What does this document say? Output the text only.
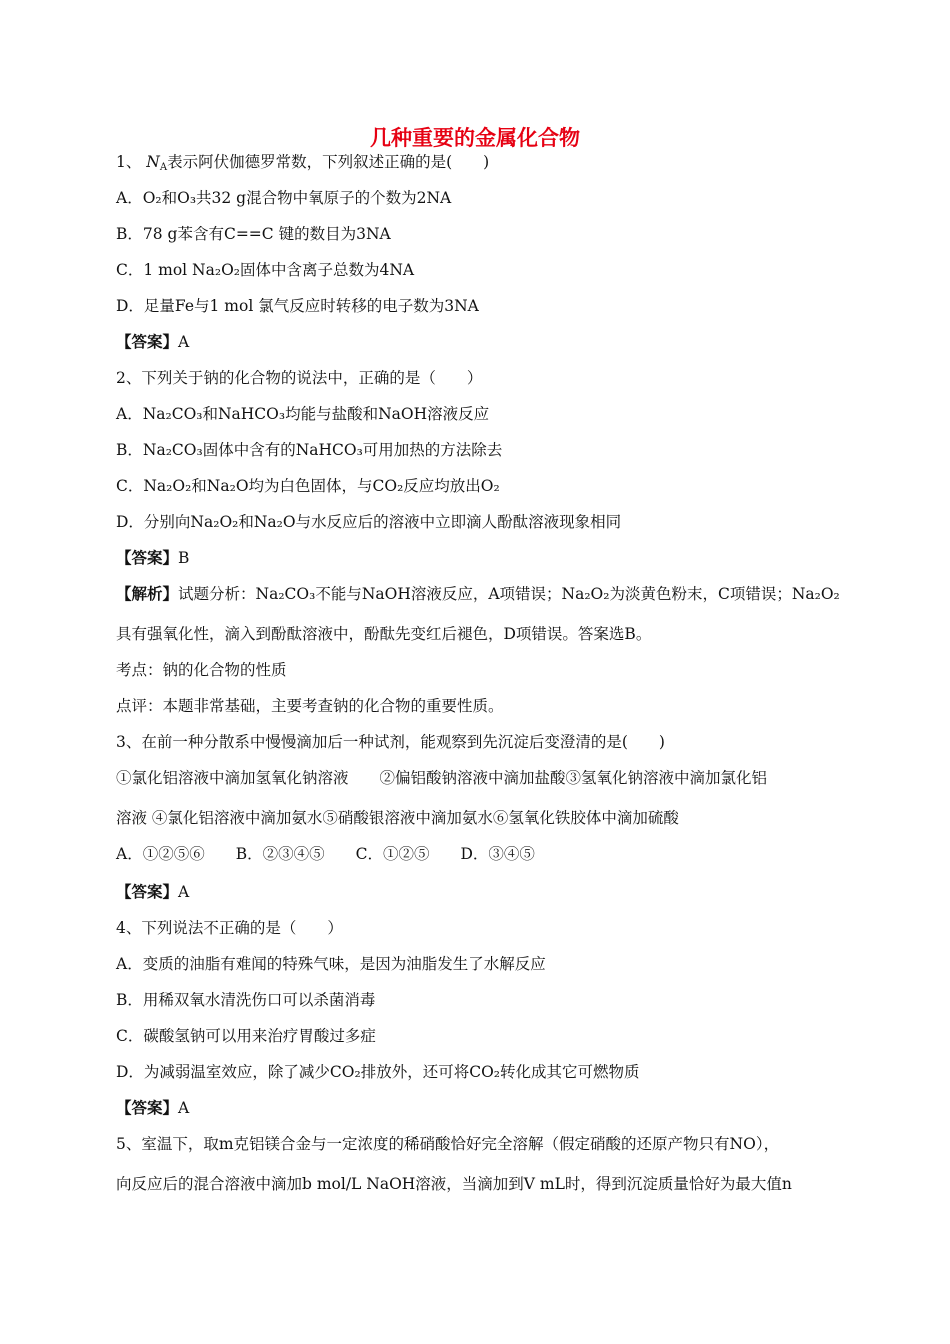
几种重要的金属化合物
1、 $N_A$表示阿伏伽德罗常数，下列叙述正确的是(　　)
A．O₂和O₃共32 g混合物中氧原子的个数为2NA
B．78 g苯含有C==C 键的数目为3NA
C．1 mol Na₂O₂固体中含离子总数为4NA
D．足量Fe与1 mol 氯气反应时转移的电子数为3NA
【答案】A
2、下列关于钠的化合物的说法中，正确的是（　　）
A．Na₂CO₃和NaHCO₃均能与盐酸和NaOH溶液反应
B．Na₂CO₃固体中含有的NaHCO₃可用加热的方法除去
C．Na₂O₂和Na₂O均为白色固体，与CO₂反应均放出O₂
D．分别向Na₂O₂和Na₂O与水反应后的溶液中立即滴人酚酞溶液现象相同
【答案】B
【解析】试题分析：Na₂CO₃不能与NaOH溶液反应，A项错误；Na₂O₂为淡黄色粉末，C项错误；Na₂O₂
具有强氧化性，滴入到酚酞溶液中，酚酞先变红后褪色，D项错误。答案选B。
考点：钠的化合物的性质
点评：本题非常基础，主要考查钠的化合物的重要性质。
3、在前一种分散系中慢慢滴加后一种试剂，能观察到先沉淀后变澄清的是(　　)
①氯化铝溶液中滴加氢氧化钠溶液　　②偏铝酸钠溶液中滴加盐酸③氢氧化钠溶液中滴加氯化铝
溶液 ④氯化铝溶液中滴加氨水⑤硝酸银溶液中滴加氨水⑥氢氧化铁胶体中滴加硫酸
A．①②⑤⑥　　B．②③④⑤　　C．①②⑤　　D．③④⑤
【答案】A
4、下列说法不正确的是（　　）
A．变质的油脂有难闻的特殊气味，是因为油脂发生了水解反应
B．用稀双氧水清洗伤口可以杀菌消毒
C．碳酸氢钠可以用来治疗胃酸过多症
D．为减弱温室效应，除了减少CO₂排放外，还可将CO₂转化成其它可燃物质
【答案】A
5、室温下，取m克铝镁合金与一定浓度的稀硝酸恰好完全溶解（假定硝酸的还原产物只有NO），
向反应后的混合溶液中滴加b mol/L NaOH溶液，当滴加到V mL时，得到沉淀质量恰好为最大值n
